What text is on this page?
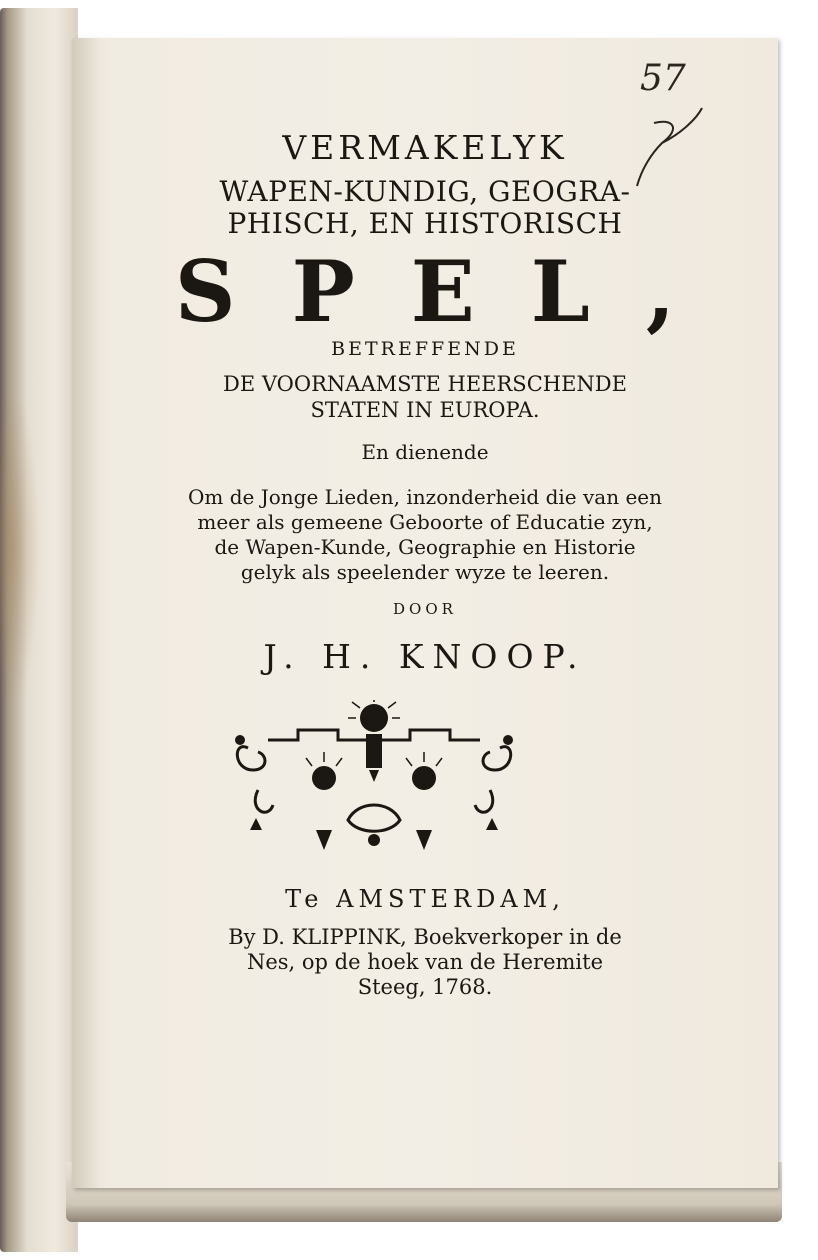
57
VERMAKELYK
WAPEN-KUNDIG, GEOGRA-
PHISCH, EN HISTORISCH
SPEL,
BETREFFENDE
DE VOORNAAMSTE HEERSCHENDE
STATEN IN EUROPA.
En dienende
Om de Jonge Lieden, inzonderheid die van een
meer als gemeene Geboorte of Educatie zyn,
de Wapen-Kunde, Geographie en Historie
gelyk als speelender wyze te leeren.
DOOR
J. H. KNOOP.
Te AMSTERDAM,
By D. KLIPPINK, Boekverkoper in de
Nes, op de hoek van de Heremite
Steeg, 1768.
